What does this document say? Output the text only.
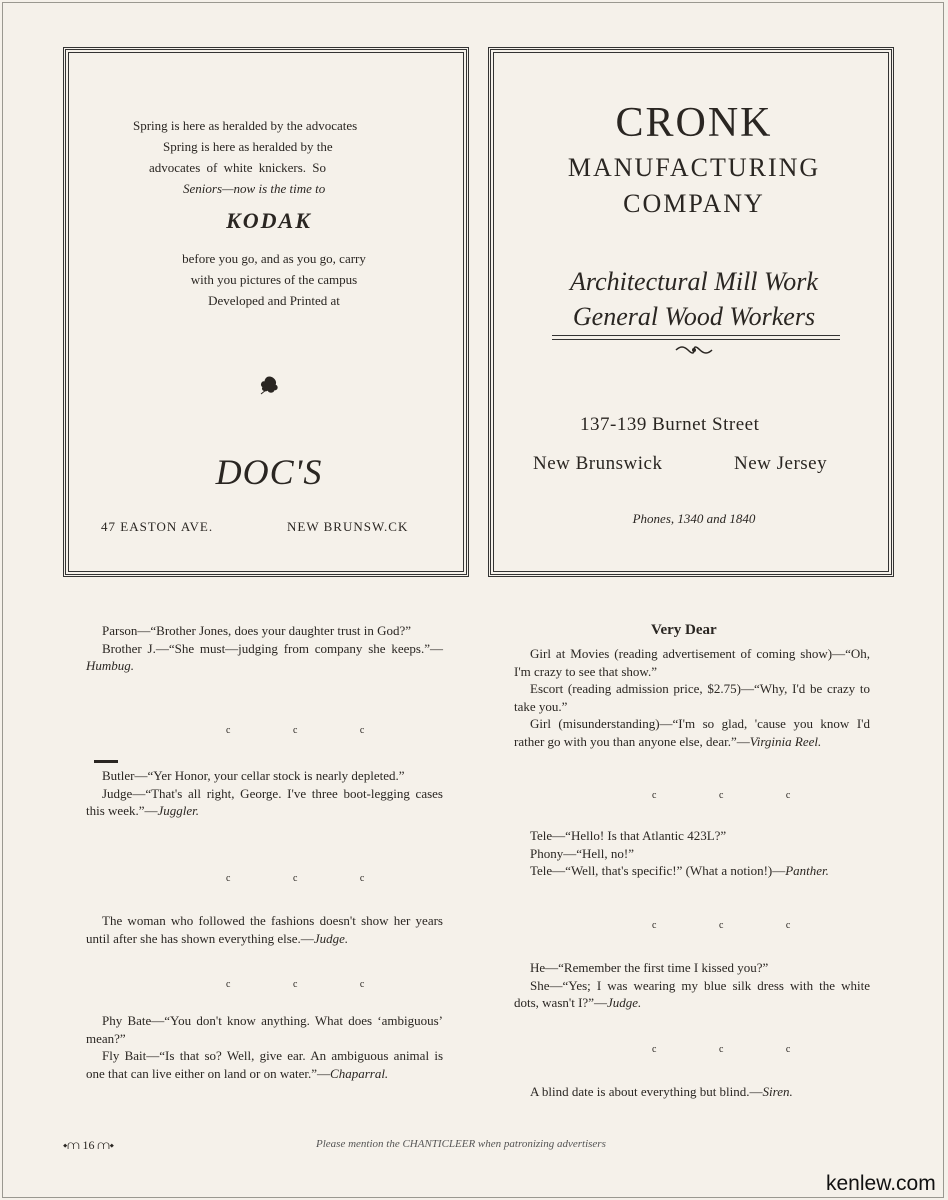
Spring is here as heralded by the advocates
Spring is here as heralded by the
advocates of white knickers. So
Seniors—now is the time to
KODAK
before you go, and as you go, carry
with you pictures of the campus
Developed and Printed at
DOC'S
47 EASTON AVE.	NEW BRUNSW.CK
CRONK
MANUFACTURING
COMPANY
Architectural Mill Work
General Wood Workers
137-139 Burnet Street
New Brunswick	New Jersey
Phones, 1340 and 1840

Parson—“Brother Jones, does your daughter trust in God?”

Brother J.—“She must—judging from company she keeps.”—Humbug.

c c c

Butler—“Yer Honor, your cellar stock is nearly depleted.”

Judge—“That's all right, George. I've three boot-legging cases this week.”—Juggler.

c c c

The woman who followed the fashions doesn't show her years until after she has shown everything else.—Judge.

c c c

Phy Bate—“You don't know anything. What does ‘ambiguous’ mean?”

Fly Bait—“Is that so? Well, give ear. An ambiguous animal is one that can live either on land or on water.”—Chaparral.

Very Dear

Girl at Movies (reading advertisement of coming show)—“Oh, I'm crazy to see that show.”

Escort (reading admission price, $2.75)—“Why, I'd be crazy to take you.”

Girl (misunderstanding)—“I'm so glad, 'cause you know I'd rather go with you than anyone else, dear.”—Virginia Reel.

c c c

Tele—“Hello! Is that Atlantic 423L?”

Phony—“Hell, no!”

Tele—“Well, that's specific!” (What a notion!)—Panther.

c c c

He—“Remember the first time I kissed you?”

She—“Yes; I was wearing my blue silk dress with the white dots, wasn't I?”—Judge.

c c c

A blind date is about everything but blind.—Siren.

⬩⩋ 16 ⩋⬩	Please mention the CHANTICLEER when patronizing advertisers
kenlew.com
